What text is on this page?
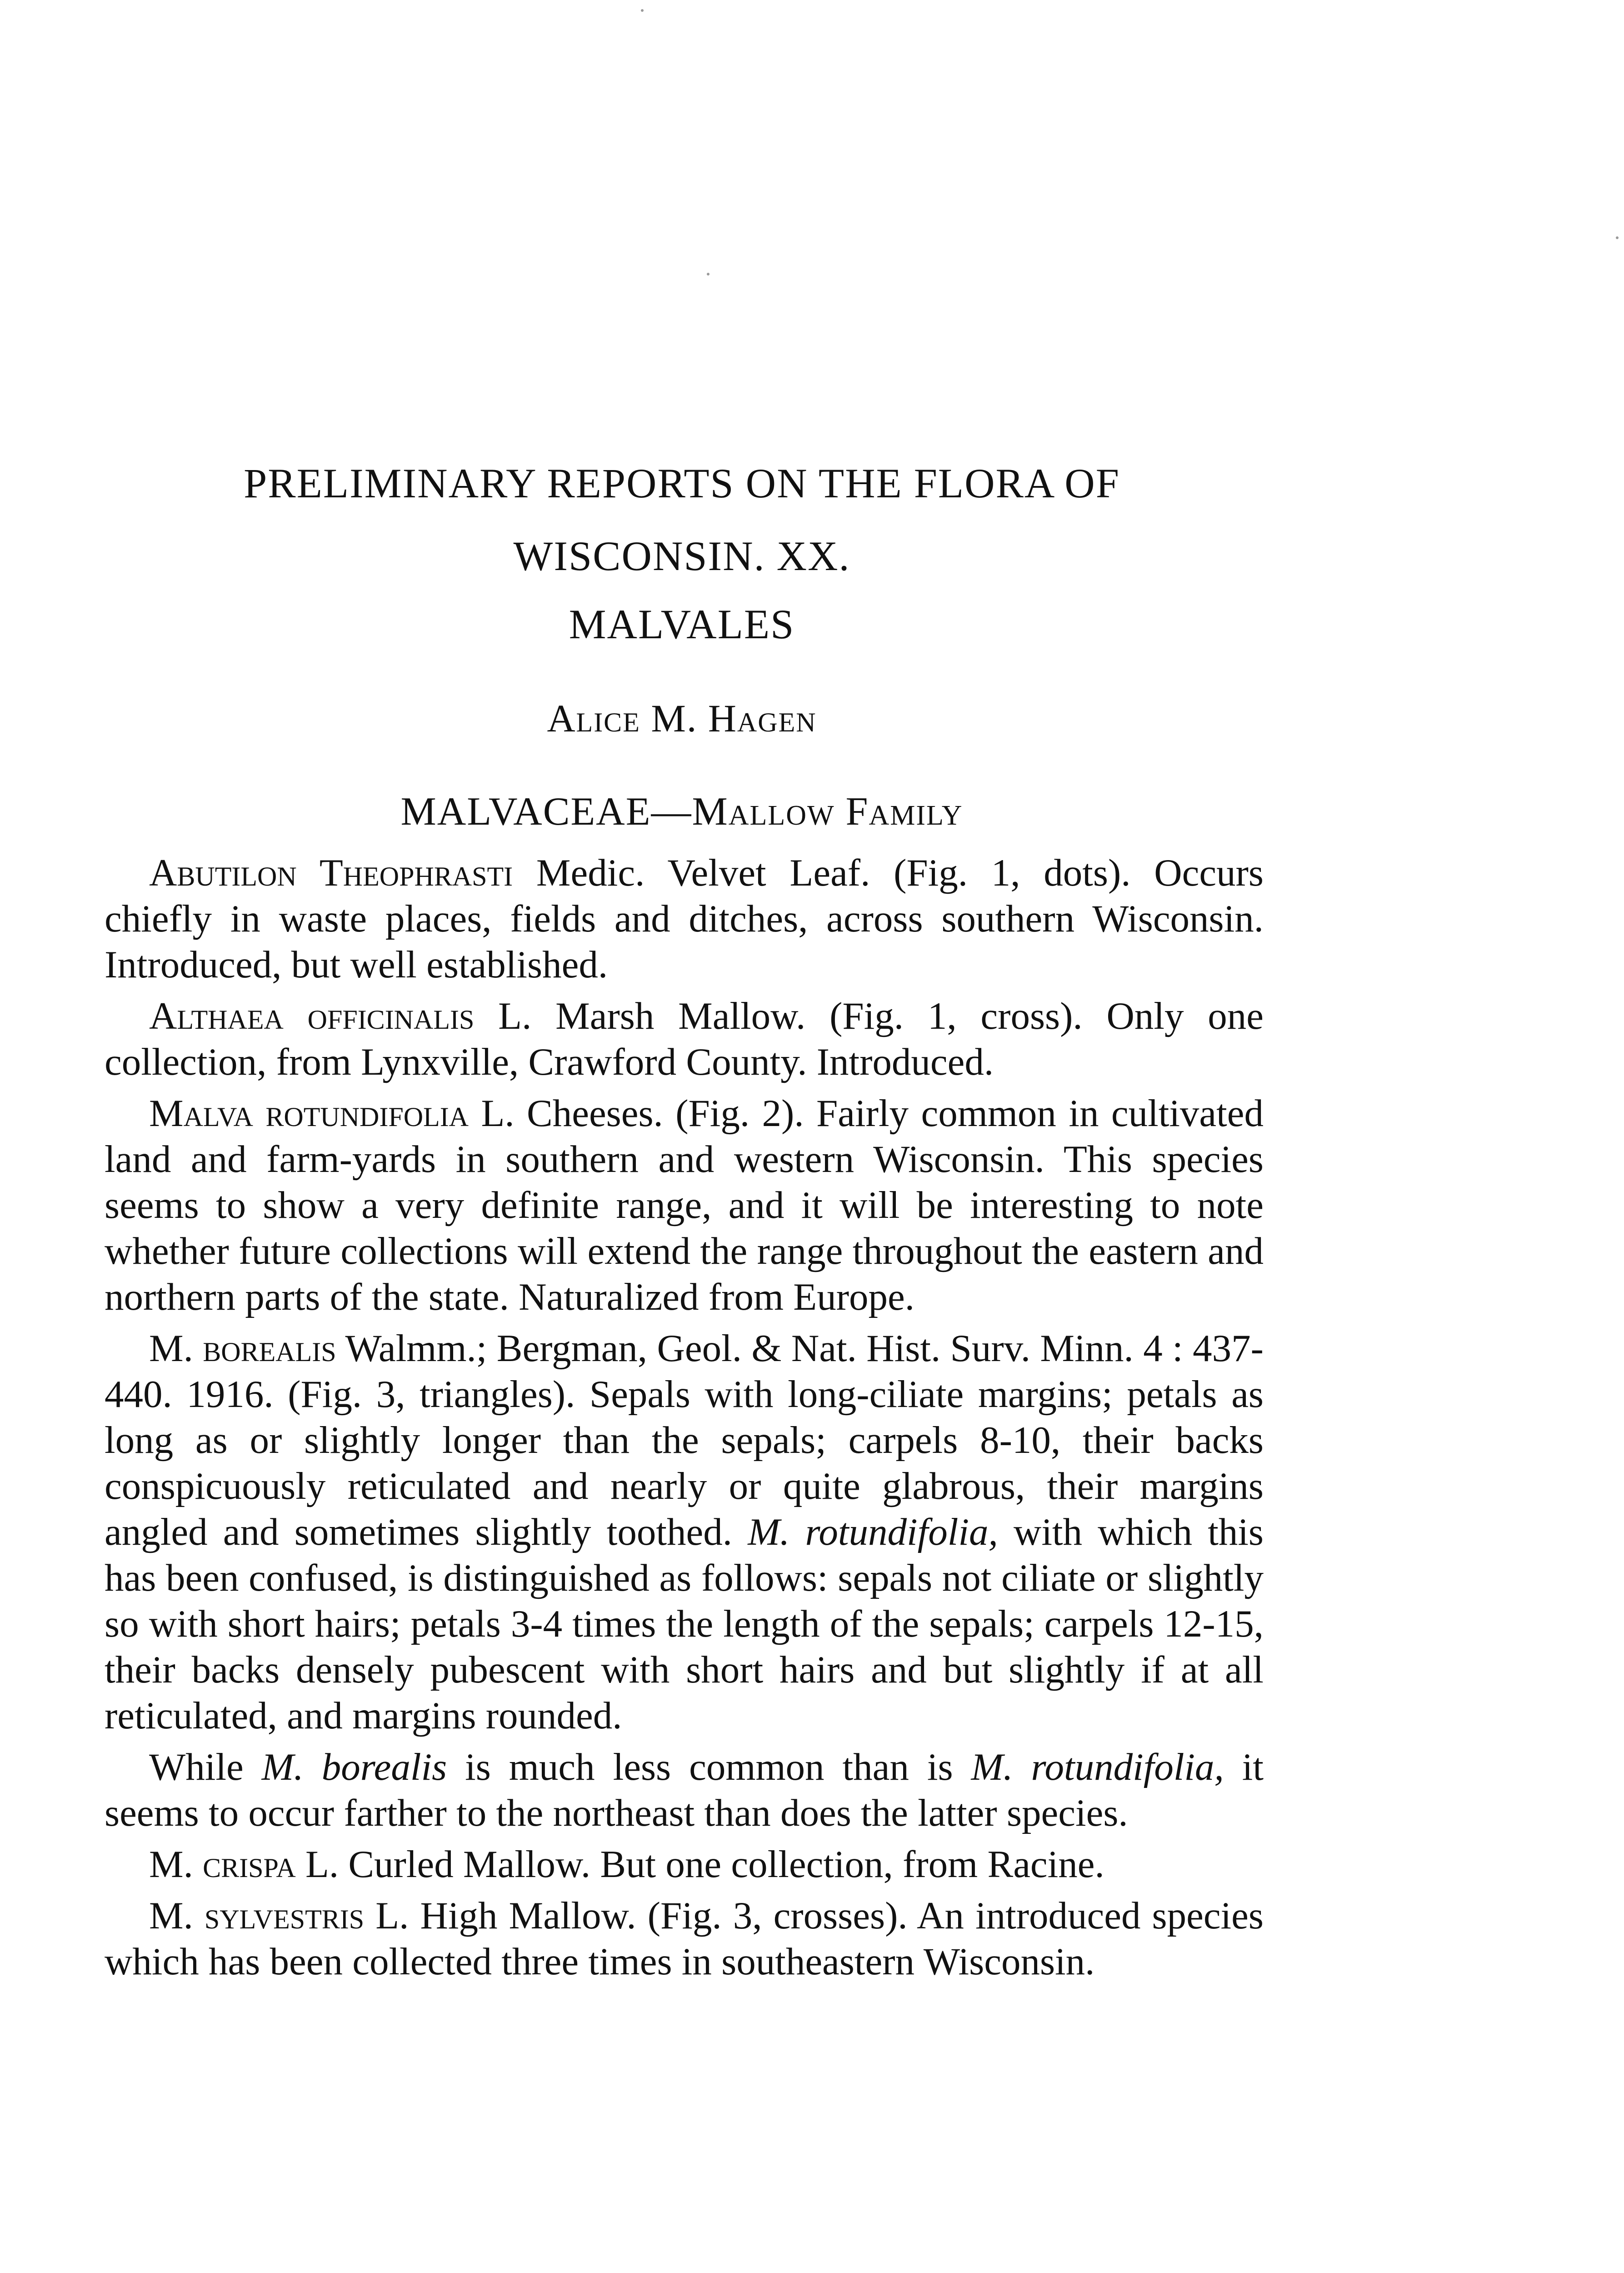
PRELIMINARY REPORTS ON THE FLORA OF
WISCONSIN. XX.
MALVALES
Alice M. Hagen
MALVACEAE—Mallow Family

Abutilon Theophrasti Medic. Velvet Leaf. (Fig. 1, dots). Occurs chiefly in waste places, fields and ditches, across southern Wisconsin. Introduced, but well established.

Althaea officinalis L. Marsh Mallow. (Fig. 1, cross). Only one collection, from Lynxville, Crawford County. Introduced.

Malva rotundifolia L. Cheeses. (Fig. 2). Fairly common in cultivated land and farm-yards in southern and western Wisconsin. This species seems to show a very definite range, and it will be interesting to note whether future collections will extend the range throughout the eastern and northern parts of the state. Naturalized from Europe.

M. borealis Walmm.; Bergman, Geol. & Nat. Hist. Surv. Minn. 4 : 437-440. 1916. (Fig. 3, triangles). Sepals with long-ciliate margins; petals as long as or slightly longer than the sepals; carpels 8-10, their backs conspicuously reticulated and nearly or quite glabrous, their margins angled and sometimes slightly toothed. M. rotundifolia, with which this has been confused, is distinguished as follows: sepals not ciliate or slightly so with short hairs; petals 3-4 times the length of the sepals; carpels 12-15, their backs densely pubescent with short hairs and but slightly if at all reticulated, and margins rounded.

While M. borealis is much less common than is M. rotundifolia, it seems to occur farther to the northeast than does the latter species.

M. crispa L. Curled Mallow. But one collection, from Racine.

M. sylvestris L. High Mallow. (Fig. 3, crosses). An introduced species which has been collected three times in southeastern Wisconsin.
